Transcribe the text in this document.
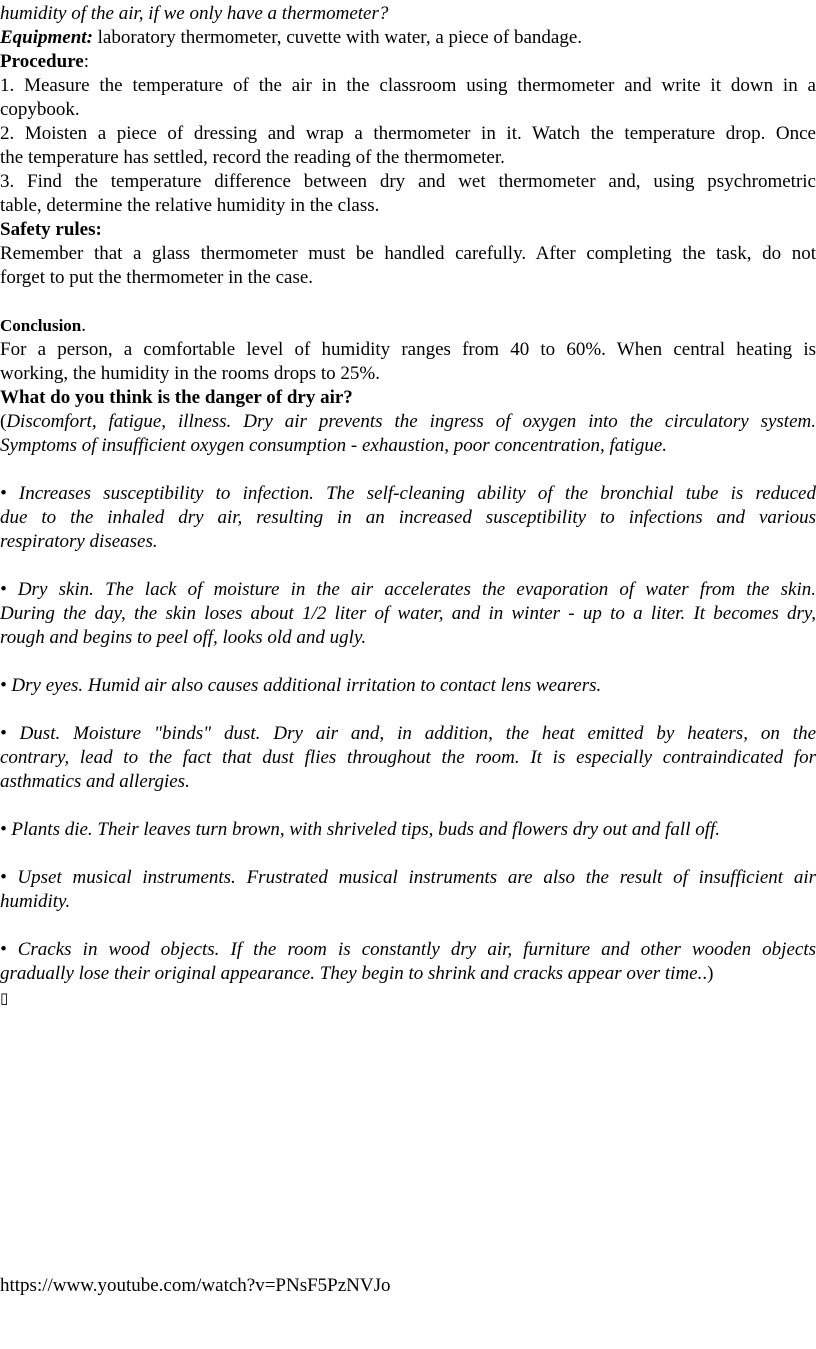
humidity of the air, if we only have a thermometer?
Equipment: laboratory thermometer, cuvette with water, a piece of bandage.
Procedure:
1. Measure the temperature of the air in the classroom using thermometer and write it down in a
copybook.
2. Moisten a piece of dressing and wrap a thermometer in it. Watch the temperature drop. Once
the temperature has settled, record the reading of the thermometer.
3. Find the temperature difference between dry and wet thermometer and, using psychrometric
table, determine the relative humidity in the class.
Safety rules:
Remember that a glass thermometer must be handled carefully. After completing the task, do not
forget to put the thermometer in the case.
Conclusion.
For a person, a comfortable level of humidity ranges from 40 to 60%. When central heating is
working, the humidity in the rooms drops to 25%.
What do you think is the danger of dry air?
(Discomfort, fatigue, illness. Dry air prevents the ingress of oxygen into the circulatory system.
Symptoms of insufficient oxygen consumption - exhaustion, poor concentration, fatigue.
• Increases susceptibility to infection. The self-cleaning ability of the bronchial tube is reduced
due to the inhaled dry air, resulting in an increased susceptibility to infections and various
respiratory diseases.
• Dry skin. The lack of moisture in the air accelerates the evaporation of water from the skin.
During the day, the skin loses about 1/2 liter of water, and in winter - up to a liter. It becomes dry,
rough and begins to peel off, looks old and ugly.
• Dry eyes. Humid air also causes additional irritation to contact lens wearers.
• Dust. Moisture "binds" dust. Dry air and, in addition, the heat emitted by heaters, on the
contrary, lead to the fact that dust flies throughout the room. It is especially contraindicated for
asthmatics and allergies.
• Plants die. Their leaves turn brown, with shriveled tips, buds and flowers dry out and fall off.
• Upset musical instruments. Frustrated musical instruments are also the result of insufficient air
humidity.
• Cracks in wood objects. If the room is constantly dry air, furniture and other wooden objects
gradually lose their original appearance. They begin to shrink and cracks appear over time..)
▯
https://www.youtube.com/watch?v=PNsF5PzNVJo
